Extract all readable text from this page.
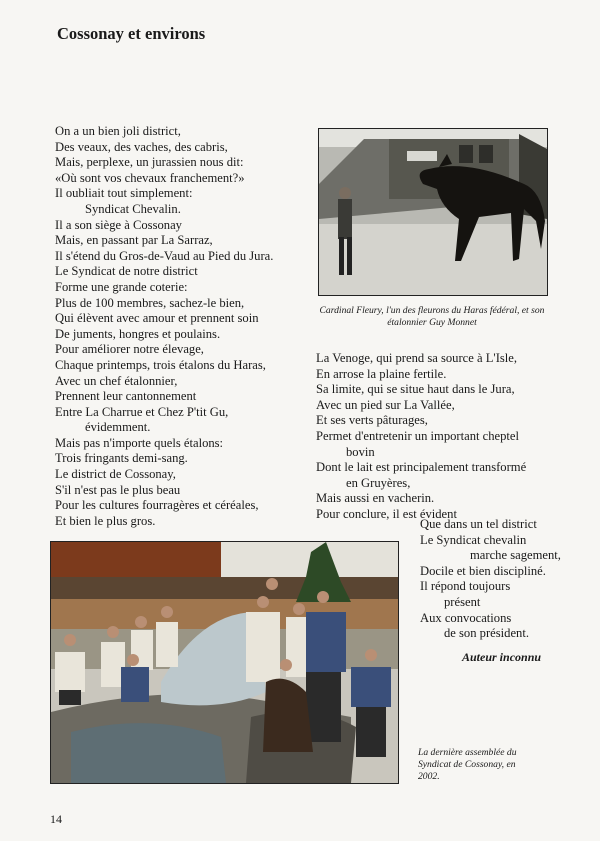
Cossonay et environs
On a un bien joli district,
Des veaux, des vaches, des cabris,
Mais, perplexe, un jurassien nous dit:
«Où sont vos chevaux franchement?»
Il oubliait tout simplement:
Syndicat Chevalin.
Il a son siège à Cossonay
Mais, en passant par La Sarraz,
Il s'étend du Gros-de-Vaud au Pied du Jura.
Le Syndicat de notre district
Forme une grande coterie:
Plus de 100 membres, sachez-le bien,
Qui élèvent avec amour et prennent soin
De juments, hongres et poulains.
Pour améliorer notre élevage,
Chaque printemps, trois étalons du Haras,
Avec un chef étalonnier,
Prennent leur cantonnement
Entre La Charrue et Chez P'tit Gu,
évidemment.
Mais pas n'importe quels étalons:
Trois fringants demi-sang.
Le district de Cossonay,
S'il n'est pas le plus beau
Pour les cultures fourragères et céréales,
Et bien le plus gros.
Cardinal Fleury, l'un des fleurons du Haras fédéral, et son étalonnier Guy Monnet
La Venoge, qui prend sa source à L'Isle,
En arrose la plaine fertile.
Sa limite, qui se situe haut dans le Jura,
Avec un pied sur La Vallée,
Et ses verts pâturages,
Permet d'entretenir un important cheptel
bovin
Dont le lait est principalement transformé
en Gruyères,
Mais aussi en vacherin.
Pour conclure, il est évident
Que dans un tel district
Le Syndicat chevalin
marche sagement,
Docile et bien discipliné.
Il répond toujours
présent
Aux convocations
de son président.
Auteur inconnu
La dernière assemblée du Syndicat de Cossonay, en 2002.
14
